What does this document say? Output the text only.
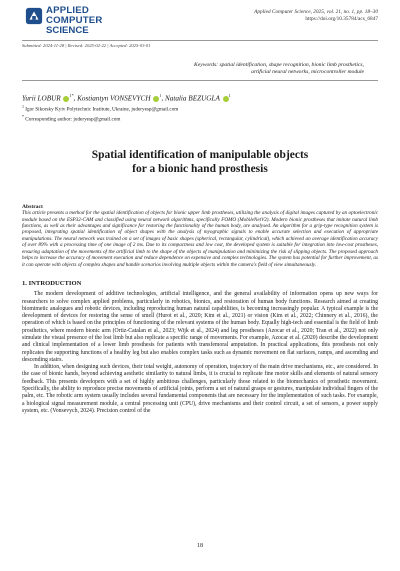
APPLIED COMPUTER
SCIENCE
Applied Computer Science, 2025, vol. 21, no. 1, pp. 18–30
https://doi.org/10.35784/acs_6847
Submitted: 2024-11-28 | Revised: 2025-02-22 | Accepted: 2025-03-01
Keywords: spatial identification, shape recognition, bionic limb prosthetics,
artificial neural networks, microcontroller module
Yurii LOBUR $^{1*}$, Kostiantyn VONSEVYCH $^1$, Natalia BEZUGLA $^1$
$^1$ Igor Sikorsky Kyiv Polytechnic Institute, Ukraine, juderyesp@gmail.com
* Corresponding author: juderyesp@gmail.com
Spatial identification of manipulable objects
for a bionic hand prosthesis
Abstract
This article presents a method for the spatial identification of objects for bionic upper limb prostheses, utilizing the analysis of digital images captured by an optoelectronic module based on the ESP32-CAM and classified using neural network algorithms, specifically FOMO (MobileNetV2). Modern bionic prostheses that imitate natural limb functions, as well as their advantages and significance for restoring the functionality of the human body, are analysed. An algorithm for a grip-type recognition system is proposed, integrating spatial identification of object shapes with the analysis of myographic signals to enable accurate selection and execution of appropriate manipulations. The neural network was trained on a set of images of basic shapes (spherical, rectangular, cylindrical), which achieved an average identification accuracy of over 89% with a processing time of one image of 2 ms. Due to its compactness and low cost, the developed system is suitable for integration into low-cost prostheses, ensuring adaptation of the movements of the artificial limb to the shape of the objects of manipulation and minimizing the risk of slipping objects. The proposed approach helps to increase the accuracy of movement execution and reduce dependence on expensive and complex technologies. The system has potential for further improvement, as it can operate with objects of complex shapes and handle scenarios involving multiple objects within the camera's field of view simultaneously.
1. INTRODUCTION

The modern development of additive technologies, artificial intelligence, and the general availability of information opens up new ways for researchers to solve complex applied problems, particularly in robotics, bionics, and restoration of human body functions. Research aimed at creating biomimetic analogues and robotic devices, including reproducing human natural capabilities, is becoming increasingly popular. A typical example is the development of devices for restoring the sense of smell (Hurot et al., 2020; Kim et al., 2021) or vision (Kim et al., 2022; Chinnery et al., 2016), the operation of which is based on the principles of functioning of the relevant systems of the human body. Equally high-tech and essential is the field of limb prosthetics, where modern bionic arm (Ortiz-Catalan et al., 2023; Wijk et al., 2024) and leg prostheses (Azocar et al., 2020; Tran et al., 2022) not only simulate the visual presence of the lost limb but also replicate a specific range of movements. For example, Azocar et al. (2020) describe the development and clinical implementation of a lower limb prosthesis for patients with transfemoral amputation. In practical applications, this prosthesis not only replicates the supporting functions of a healthy leg but also enables complex tasks such as dynamic movement on flat surfaces, ramps, and ascending and descending stairs.

In addition, when designing such devices, their total weight, autonomy of operation, trajectory of the main drive mechanisms, etc., are considered. In the case of bionic hands, beyond achieving aesthetic similarity to natural limbs, it is crucial to replicate fine motor skills and elements of natural sensory feedback. This presents developers with a set of highly ambitious challenges, particularly those related to the biomechanics of prosthetic movement. Specifically, the ability to reproduce precise movements of artificial joints, perform a set of natural grasps or gestures, manipulate individual fingers of the palm, etc. The robotic arm system usually includes several fundamental components that are necessary for the implementation of such tasks. For example, a biological signal measurement module, a central processing unit (CPU), drive mechanisms and their control circuit, a set of sensors, a power supply system, etc. (Vonsevych, 2024). Precision control of the

18
